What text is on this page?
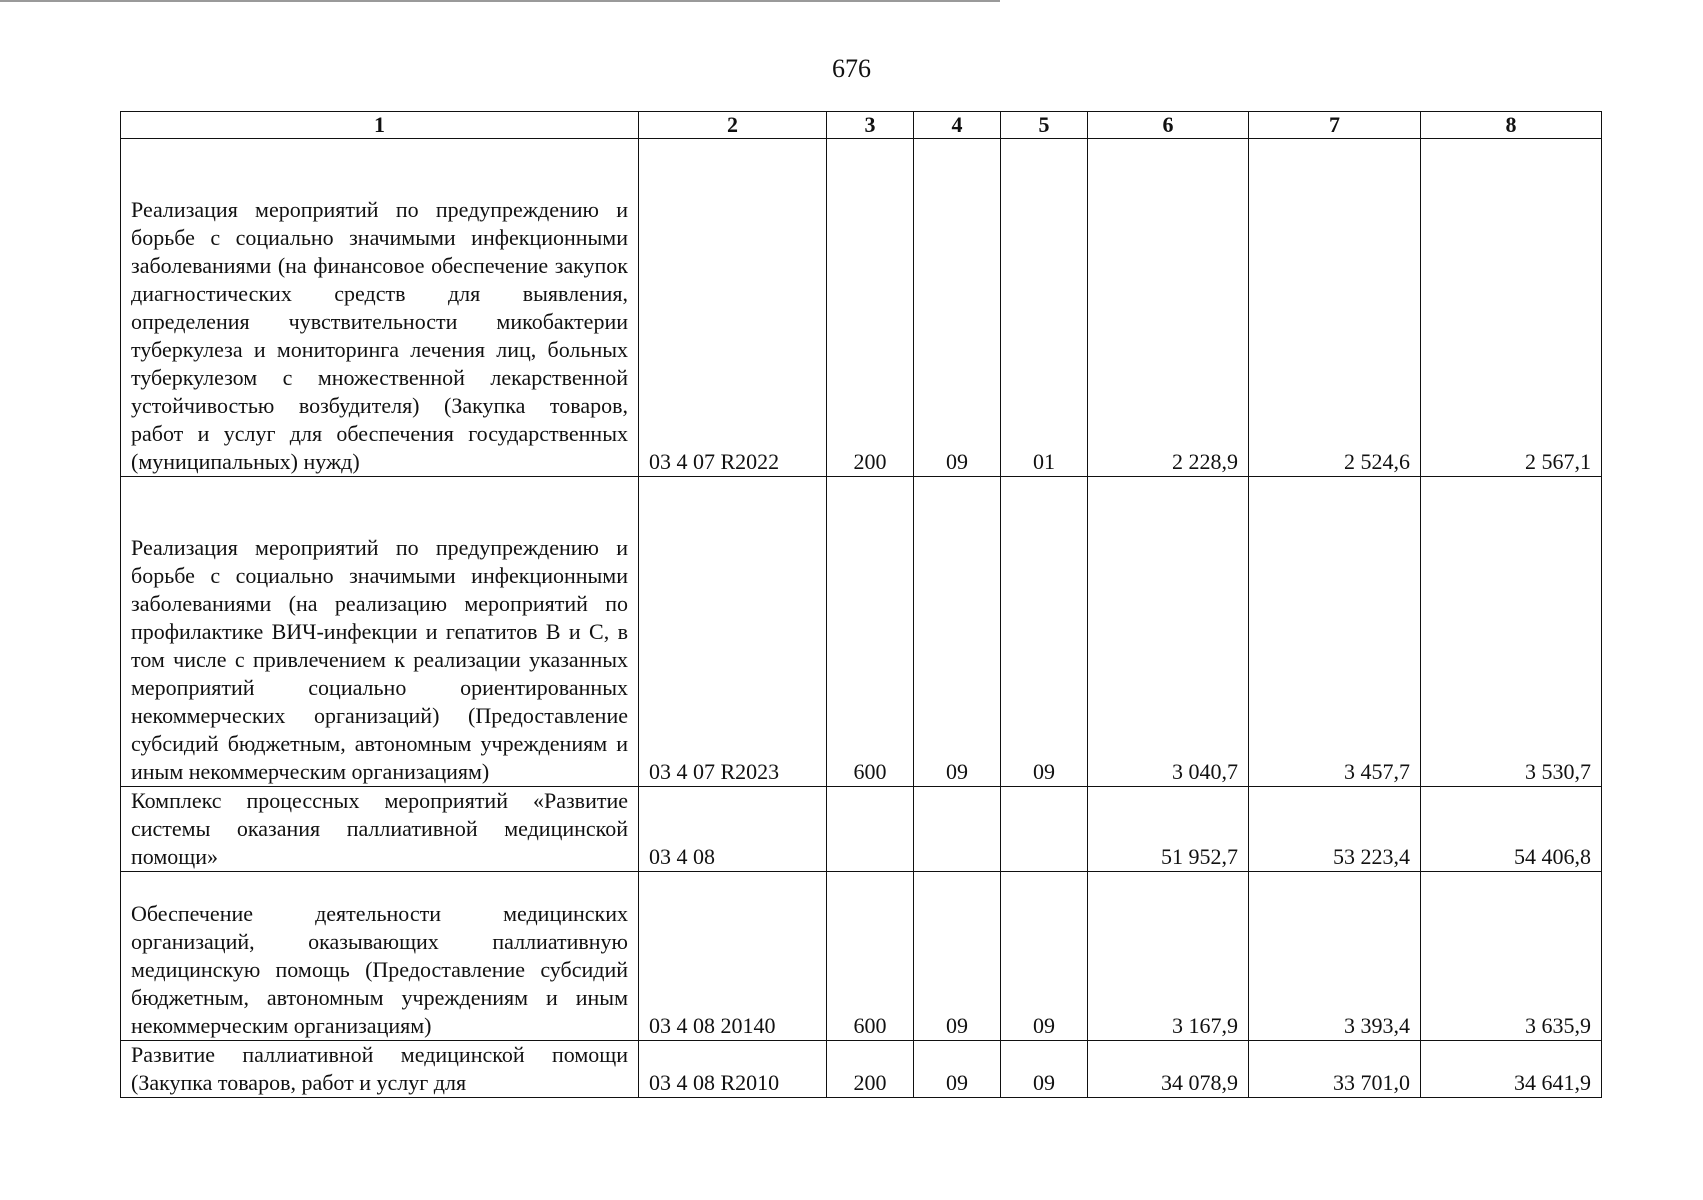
676
1	2	3	4	5	6	7	8
Реализация мероприятий по предупреждению и борьбе с социально значимыми инфекционными заболеваниями (на финансовое обеспечение закупок диагностических средств для выявления, определения чувствительности микобактерии туберкулеза и мониторинга лечения лиц, больных туберкулезом с множественной лекарственной устойчивостью возбудителя) (Закупка товаров, работ и услуг для обеспечения государственных (муниципальных) нужд)	03 4 07 R2022	200	09	01	2 228,9	2 524,6	2 567,1
Реализация мероприятий по предупреждению и борьбе с социально значимыми инфекционными заболеваниями (на реализацию мероприятий по профилактике ВИЧ-инфекции и гепатитов B и C, в том числе с привлечением к реализации указанных мероприятий социально ориентированных некоммерческих организаций) (Предоставление субсидий бюджетным, автономным учреждениям и иным некоммерческим организациям)	03 4 07 R2023	600	09	09	3 040,7	3 457,7	3 530,7
Комплекс процессных мероприятий «Развитие системы оказания паллиативной медицинской помощи»	03 4 08				51 952,7	53 223,4	54 406,8
Обеспечение деятельности медицинских организаций, оказывающих паллиативную медицинскую помощь (Предоставление субсидий бюджетным, автономным учреждениям и иным некоммерческим организациям)	03 4 08 20140	600	09	09	3 167,9	3 393,4	3 635,9
Развитие паллиативной медицинской помощи (Закупка товаров, работ и услуг для	03 4 08 R2010	200	09	09	34 078,9	33 701,0	34 641,9
